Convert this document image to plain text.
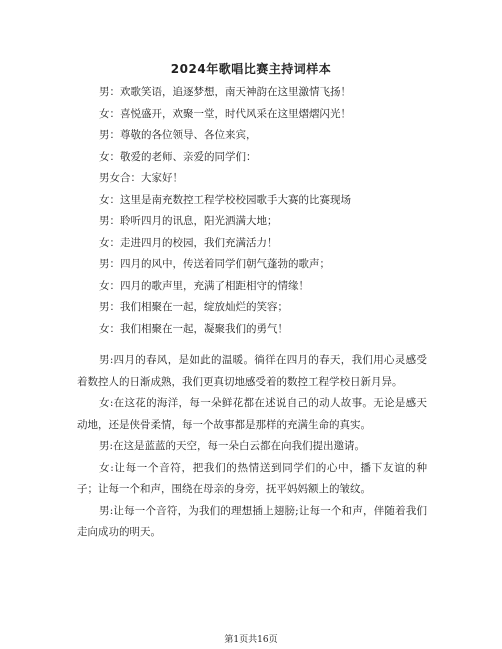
2024年歌唱比赛主持词样本
男：欢歌笑语，追逐梦想，南天神韵在这里激情飞扬！
女：喜悦盛开，欢聚一堂，时代风采在这里熠熠闪光！
男：尊敬的各位领导、各位来宾，
女：敬爱的老师、亲爱的同学们：
男女合：大家好！
女：这里是南充数控工程学校校园歌手大赛的比赛现场
男：聆听四月的讯息，阳光洒满大地；
女：走进四月的校园，我们充满活力！
男：四月的风中，传送着同学们朝气蓬勃的歌声；
女：四月的歌声里，充满了相距相守的情缘！
男：我们相聚在一起，绽放灿烂的笑容；
女：我们相聚在一起，凝聚我们的勇气！

男:四月的春风，是如此的温暖。徜徉在四月的春天，我们用心灵感受着数控人的日渐成熟，我们更真切地感受着的数控工程学校日新月异。

女:在这花的海洋，每一朵鲜花都在述说自己的动人故事。无论是感天动地，还是侠骨柔情，每一个故事都是那样的充满生命的真实。

男:在这是蓝蓝的天空，每一朵白云都在向我们提出邀请。

女:让每一个音符，把我们的热情送到同学们的心中，播下友谊的种子；让每一个和声，围绕在母亲的身旁，抚平妈妈额上的皱纹。

男:让每一个音符，为我们的理想插上翅膀;让每一个和声，伴随着我们走向成功的明天。

第1页共16页
